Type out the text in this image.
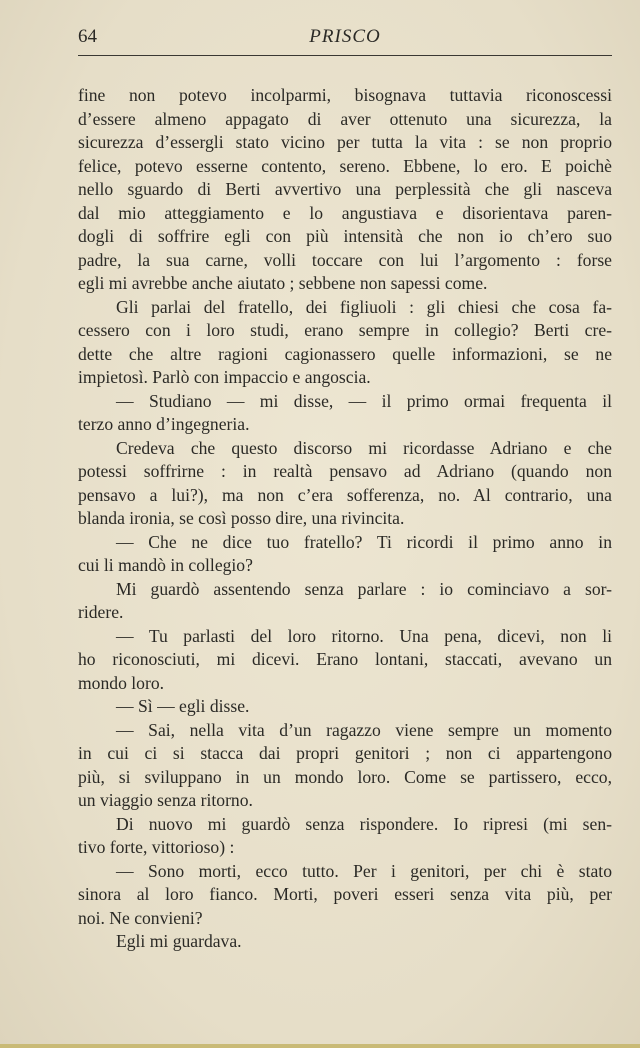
64	PRISCO
fine non potevo incolparmi, bisognava tuttavia riconoscessi
d’essere almeno appagato di aver ottenuto una sicurezza, la
sicurezza d’essergli stato vicino per tutta la vita : se non proprio
felice, potevo esserne contento, sereno. Ebbene, lo ero. E poichè
nello sguardo di Berti avvertivo una perplessità che gli nasceva
dal mio atteggiamento e lo angustiava e disorientava paren-
dogli di soffrire egli con più intensità che non io ch’ero suo
padre, la sua carne, volli toccare con lui l’argomento : forse
egli mi avrebbe anche aiutato ; sebbene non sapessi come.
Gli parlai del fratello, dei figliuoli : gli chiesi che cosa fa-
cessero con i loro studi, erano sempre in collegio? Berti cre-
dette che altre ragioni cagionassero quelle informazioni, se ne
impietosì. Parlò con impaccio e angoscia.
— Studiano — mi disse, — il primo ormai frequenta il
terzo anno d’ingegneria.
Credeva che questo discorso mi ricordasse Adriano e che
potessi soffrirne : in realtà pensavo ad Adriano (quando non
pensavo a lui?), ma non c’era sofferenza, no. Al contrario, una
blanda ironia, se così posso dire, una rivincita.
— Che ne dice tuo fratello? Ti ricordi il primo anno in
cui li mandò in collegio?
Mi guardò assentendo senza parlare : io cominciavo a sor-
ridere.
— Tu parlasti del loro ritorno. Una pena, dicevi, non li
ho riconosciuti, mi dicevi. Erano lontani, staccati, avevano un
mondo loro.
— Sì — egli disse.
— Sai, nella vita d’un ragazzo viene sempre un momento
in cui ci si stacca dai propri genitori ; non ci appartengono
più, si sviluppano in un mondo loro. Come se partissero, ecco,
un viaggio senza ritorno.
Di nuovo mi guardò senza rispondere. Io ripresi (mi sen-
tivo forte, vittorioso) :
— Sono morti, ecco tutto. Per i genitori, per chi è stato
sinora al loro fianco. Morti, poveri esseri senza vita più, per
noi. Ne convieni?
Egli mi guardava.
